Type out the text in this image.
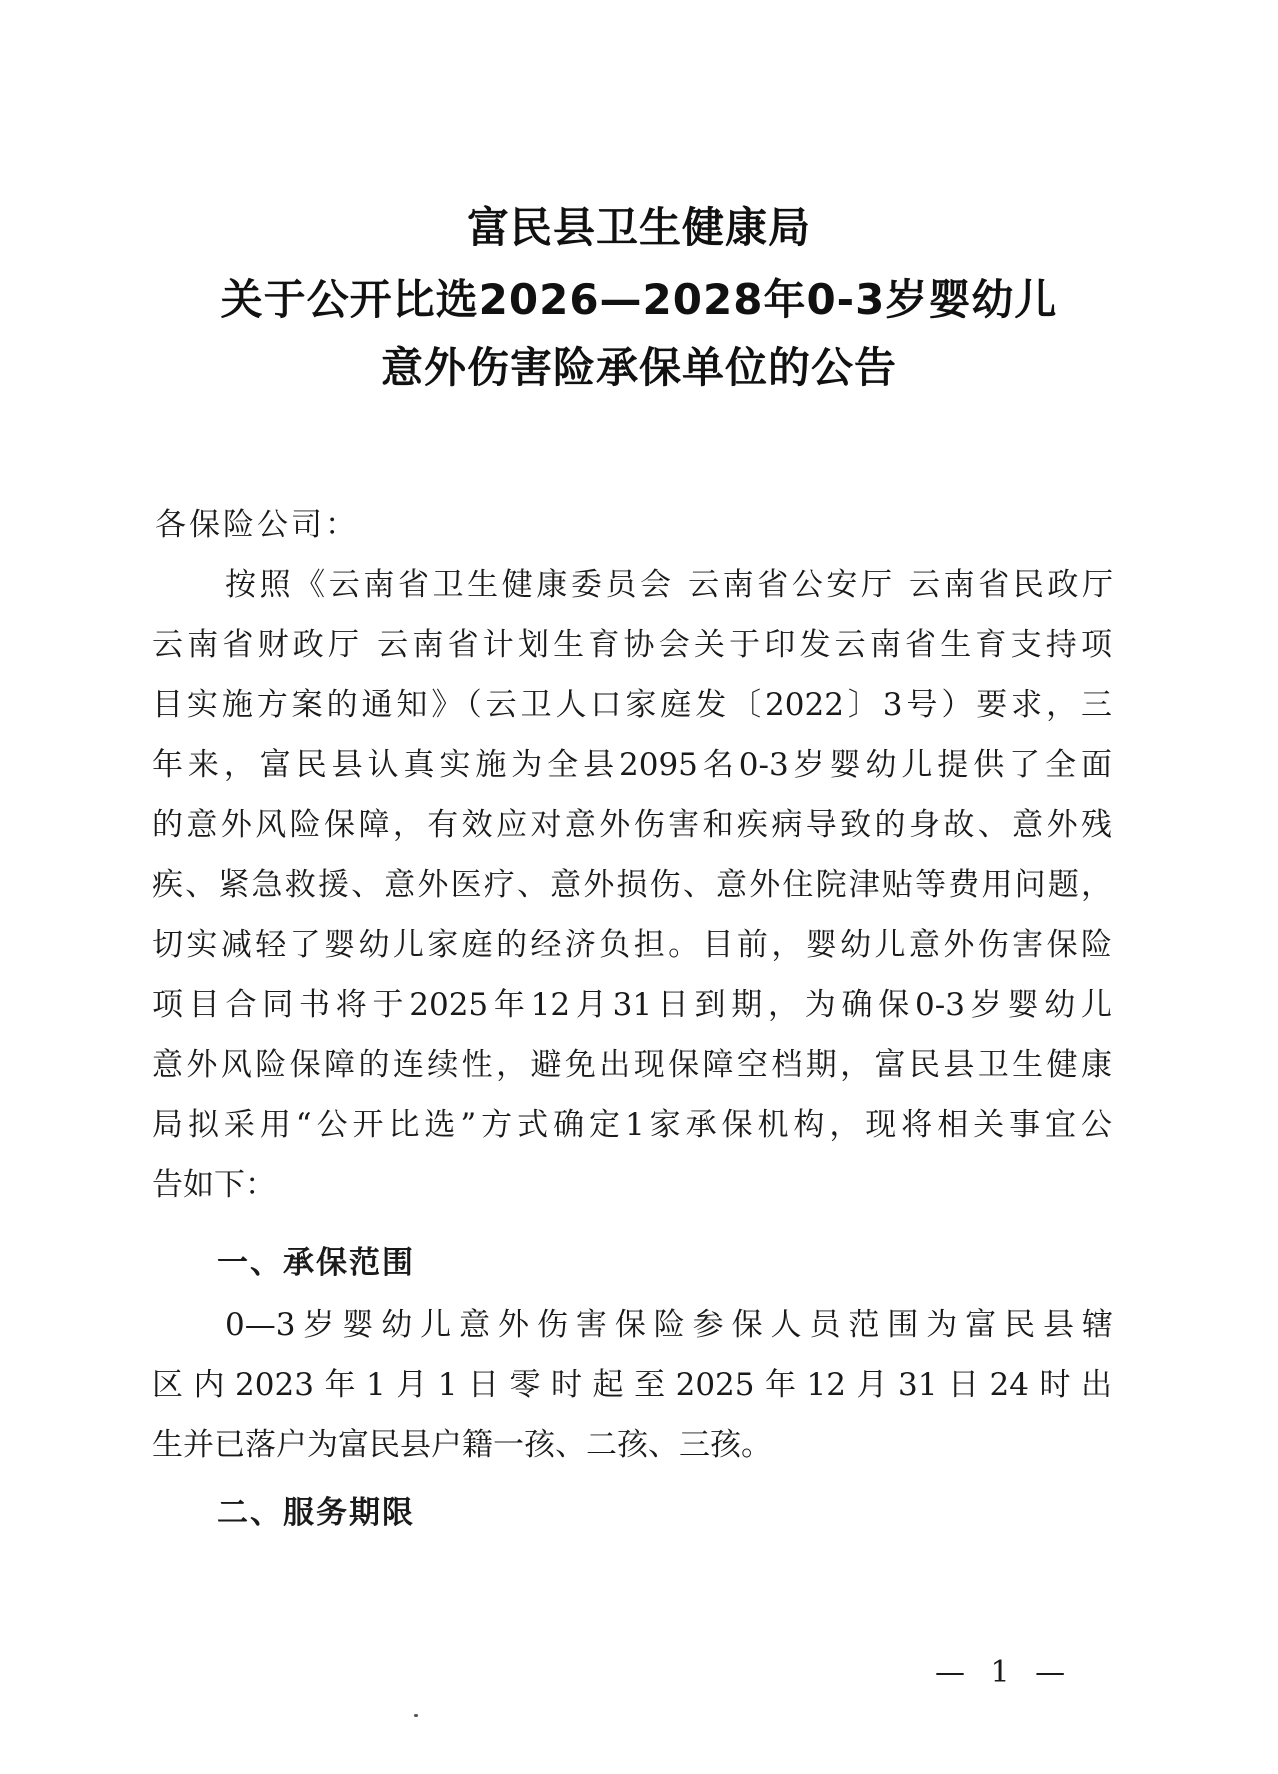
富民县卫生健康局
关于公开比选2026—2028年0-3岁婴幼儿
意外伤害险承保单位的公告
各保险公司：
按照《云南省卫生健康委员会 云南省公安厅 云南省民政厅
云南省财政厅 云南省计划生育协会关于印发云南省生育支持项
目实施方案的通知》（云卫人口家庭发〔2022〕3号）要求，三
年来，富民县认真实施为全县2095名0-3岁婴幼儿提供了全面
的意外风险保障，有效应对意外伤害和疾病导致的身故、意外残
疾、紧急救援、意外医疗、意外损伤、意外住院津贴等费用问题，
切实减轻了婴幼儿家庭的经济负担。目前，婴幼儿意外伤害保险
项目合同书将于2025年12月31日到期，为确保0-3岁婴幼儿
意外风险保障的连续性，避免出现保障空档期，富民县卫生健康
局拟采用“公开比选”方式确定1家承保机构，现将相关事宜公
告如下：
一、承保范围
0—3岁婴幼儿意外伤害保险参保人员范围为富民县辖
区内2023年1月1日零时起至2025年12月31日24时出
生并已落户为富民县户籍一孩、二孩、三孩。
二、服务期限
— 1 —
